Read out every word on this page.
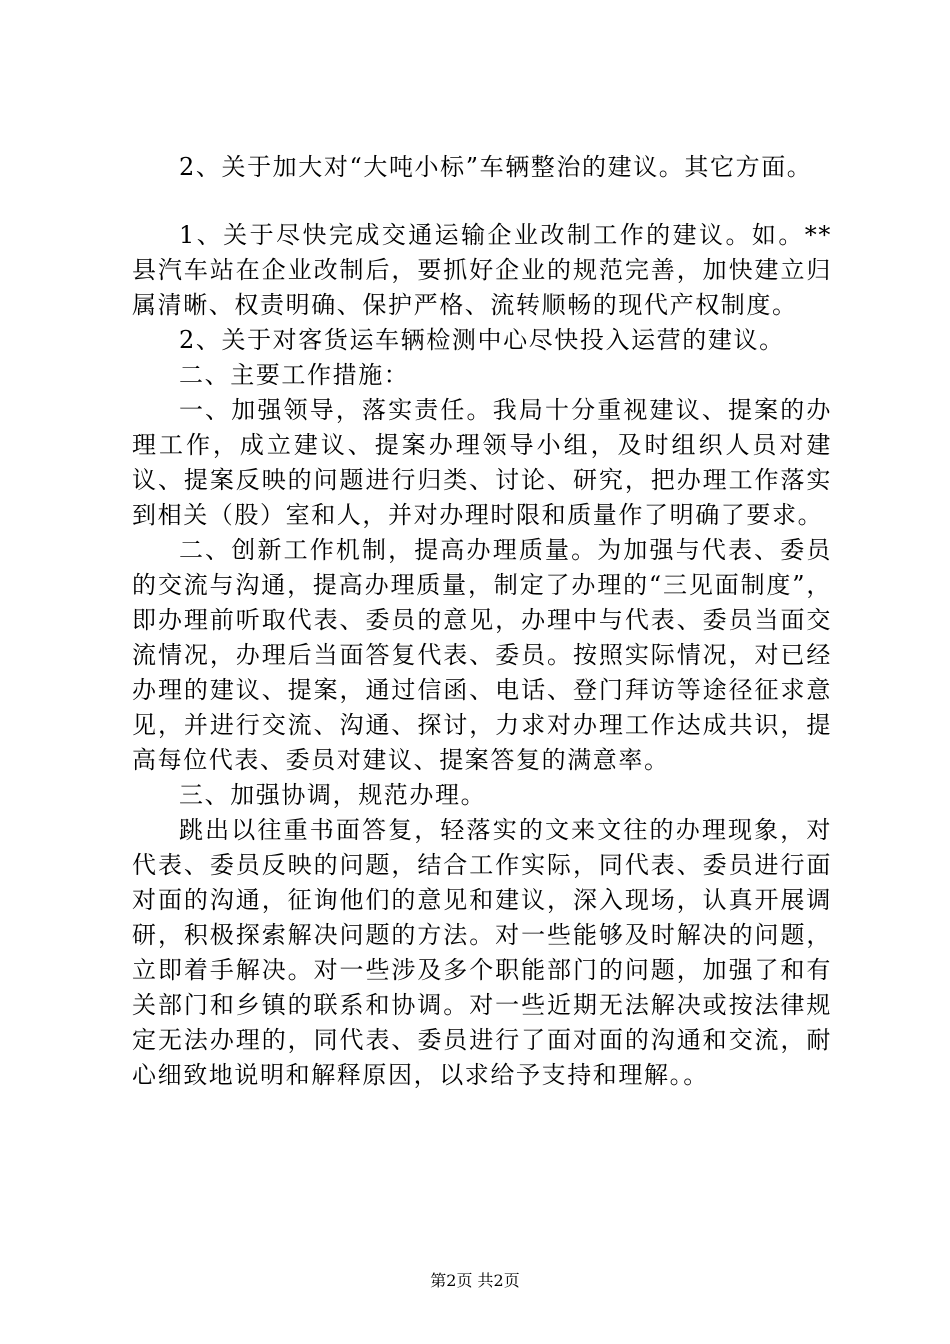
2、关于加大对“大吨小标”车辆整治的建议。其它方面。

1、关于尽快完成交通运输企业改制工作的建议。如。**县汽车站在企业改制后，要抓好企业的规范完善，加快建立归属清晰、权责明确、保护严格、流转顺畅的现代产权制度。

2、关于对客货运车辆检测中心尽快投入运营的建议。

二、主要工作措施：

一、加强领导，落实责任。我局十分重视建议、提案的办理工作，成立建议、提案办理领导小组，及时组织人员对建议、提案反映的问题进行归类、讨论、研究，把办理工作落实到相关（股）室和人，并对办理时限和质量作了明确了要求。

二、创新工作机制，提高办理质量。为加强与代表、委员的交流与沟通，提高办理质量，制定了办理的“三见面制度”，即办理前听取代表、委员的意见，办理中与代表、委员当面交流情况，办理后当面答复代表、委员。按照实际情况，对已经办理的建议、提案，通过信函、电话、登门拜访等途径征求意见，并进行交流、沟通、探讨，力求对办理工作达成共识，提高每位代表、委员对建议、提案答复的满意率。

三、加强协调，规范办理。

跳出以往重书面答复，轻落实的文来文往的办理现象，对代表、委员反映的问题，结合工作实际，同代表、委员进行面对面的沟通，征询他们的意见和建议，深入现场，认真开展调研，积极探索解决问题的方法。对一些能够及时解决的问题，立即着手解决。对一些涉及多个职能部门的问题，加强了和有关部门和乡镇的联系和协调。对一些近期无法解决或按法律规定无法办理的，同代表、委员进行了面对面的沟通和交流，耐心细致地说明和解释原因，以求给予支持和理解。。

第2页 共2页
